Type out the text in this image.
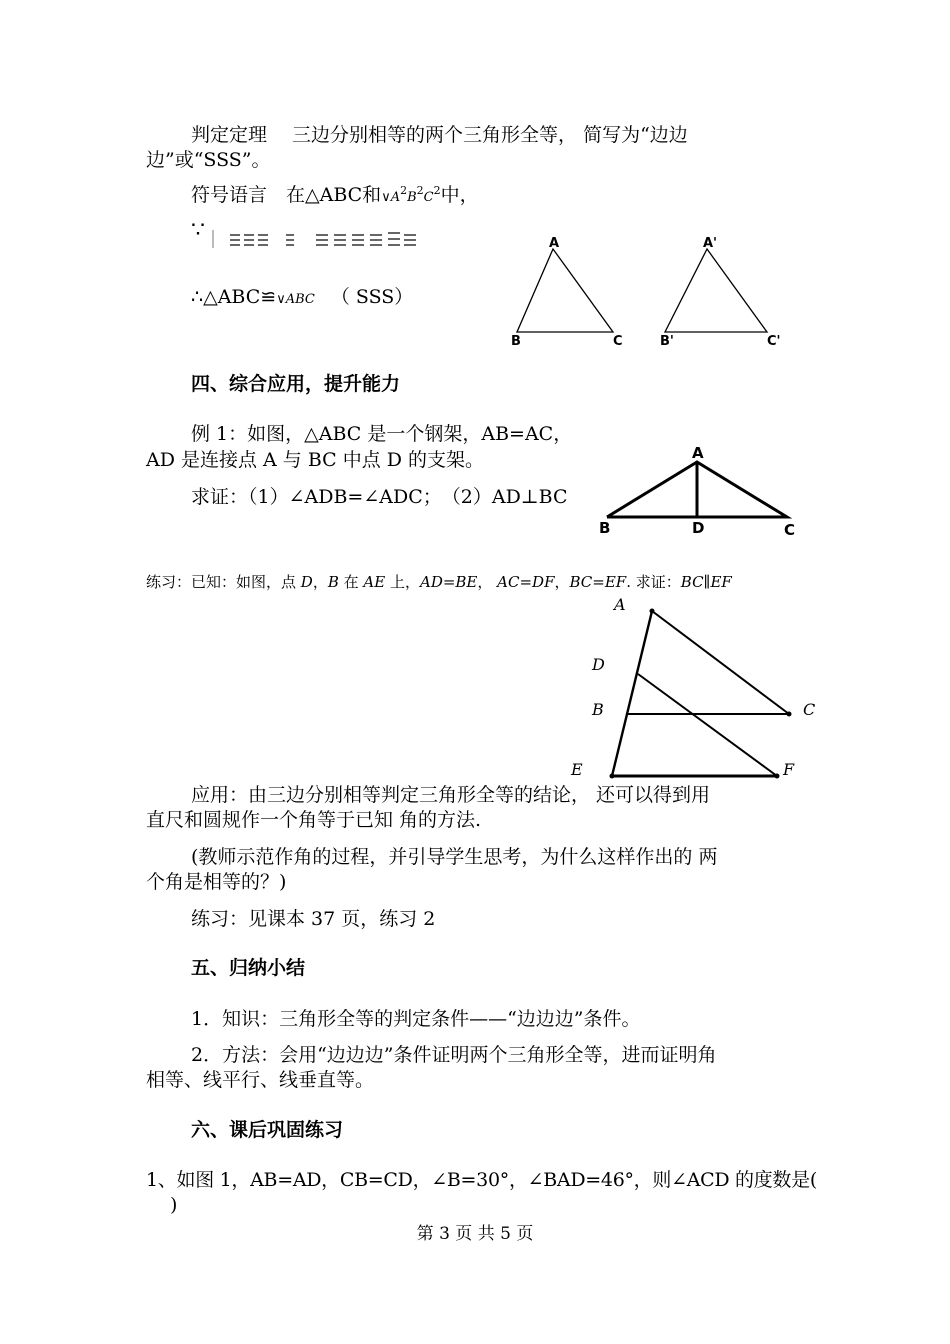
判定定理　 三边分别相等的两个三角形全等， 简写为“边边
边”或“SSS”。
符号语言　在△ABC和$\vee A^2B^2C^2$中，
∵
∴△ABC≌∨ABC （ SSS）
A
B	C
A'
B'	C'
四、综合应用，提升能力
例 1：如图，△ABC 是一个钢架，AB=AC，
AD 是连接点 A 与 BC 中点 D 的支架。
求证：（1）∠ADB=∠ADC；　（2）AD⊥BC
A
B	D	C
练习：已知：如图，点 D，B 在 AE 上，AD=BE， AC=DF，BC=EF. 求证：BC∥EF
A
D
B	C
E	F
应用：由三边分别相等判定三角形全等的结论， 还可以得到用
直尺和圆规作一个角等于已知 角的方法.
(教师示范作角的过程，并引导学生思考，为什么这样作出的 两
个角是相等的？)
练习：见课本 37 页，练习 2
五、归纳小结
1．知识：三角形全等的判定条件——“边边边”条件。
2．方法：会用“边边边”条件证明两个三角形全等，进而证明角
相等、线平行、线垂直等。
六、课后巩固练习
1、如图 1，AB=AD，CB=CD，∠B=30°，∠BAD=46°，则∠ACD 的度数是(
)
第 3 页 共 5 页
